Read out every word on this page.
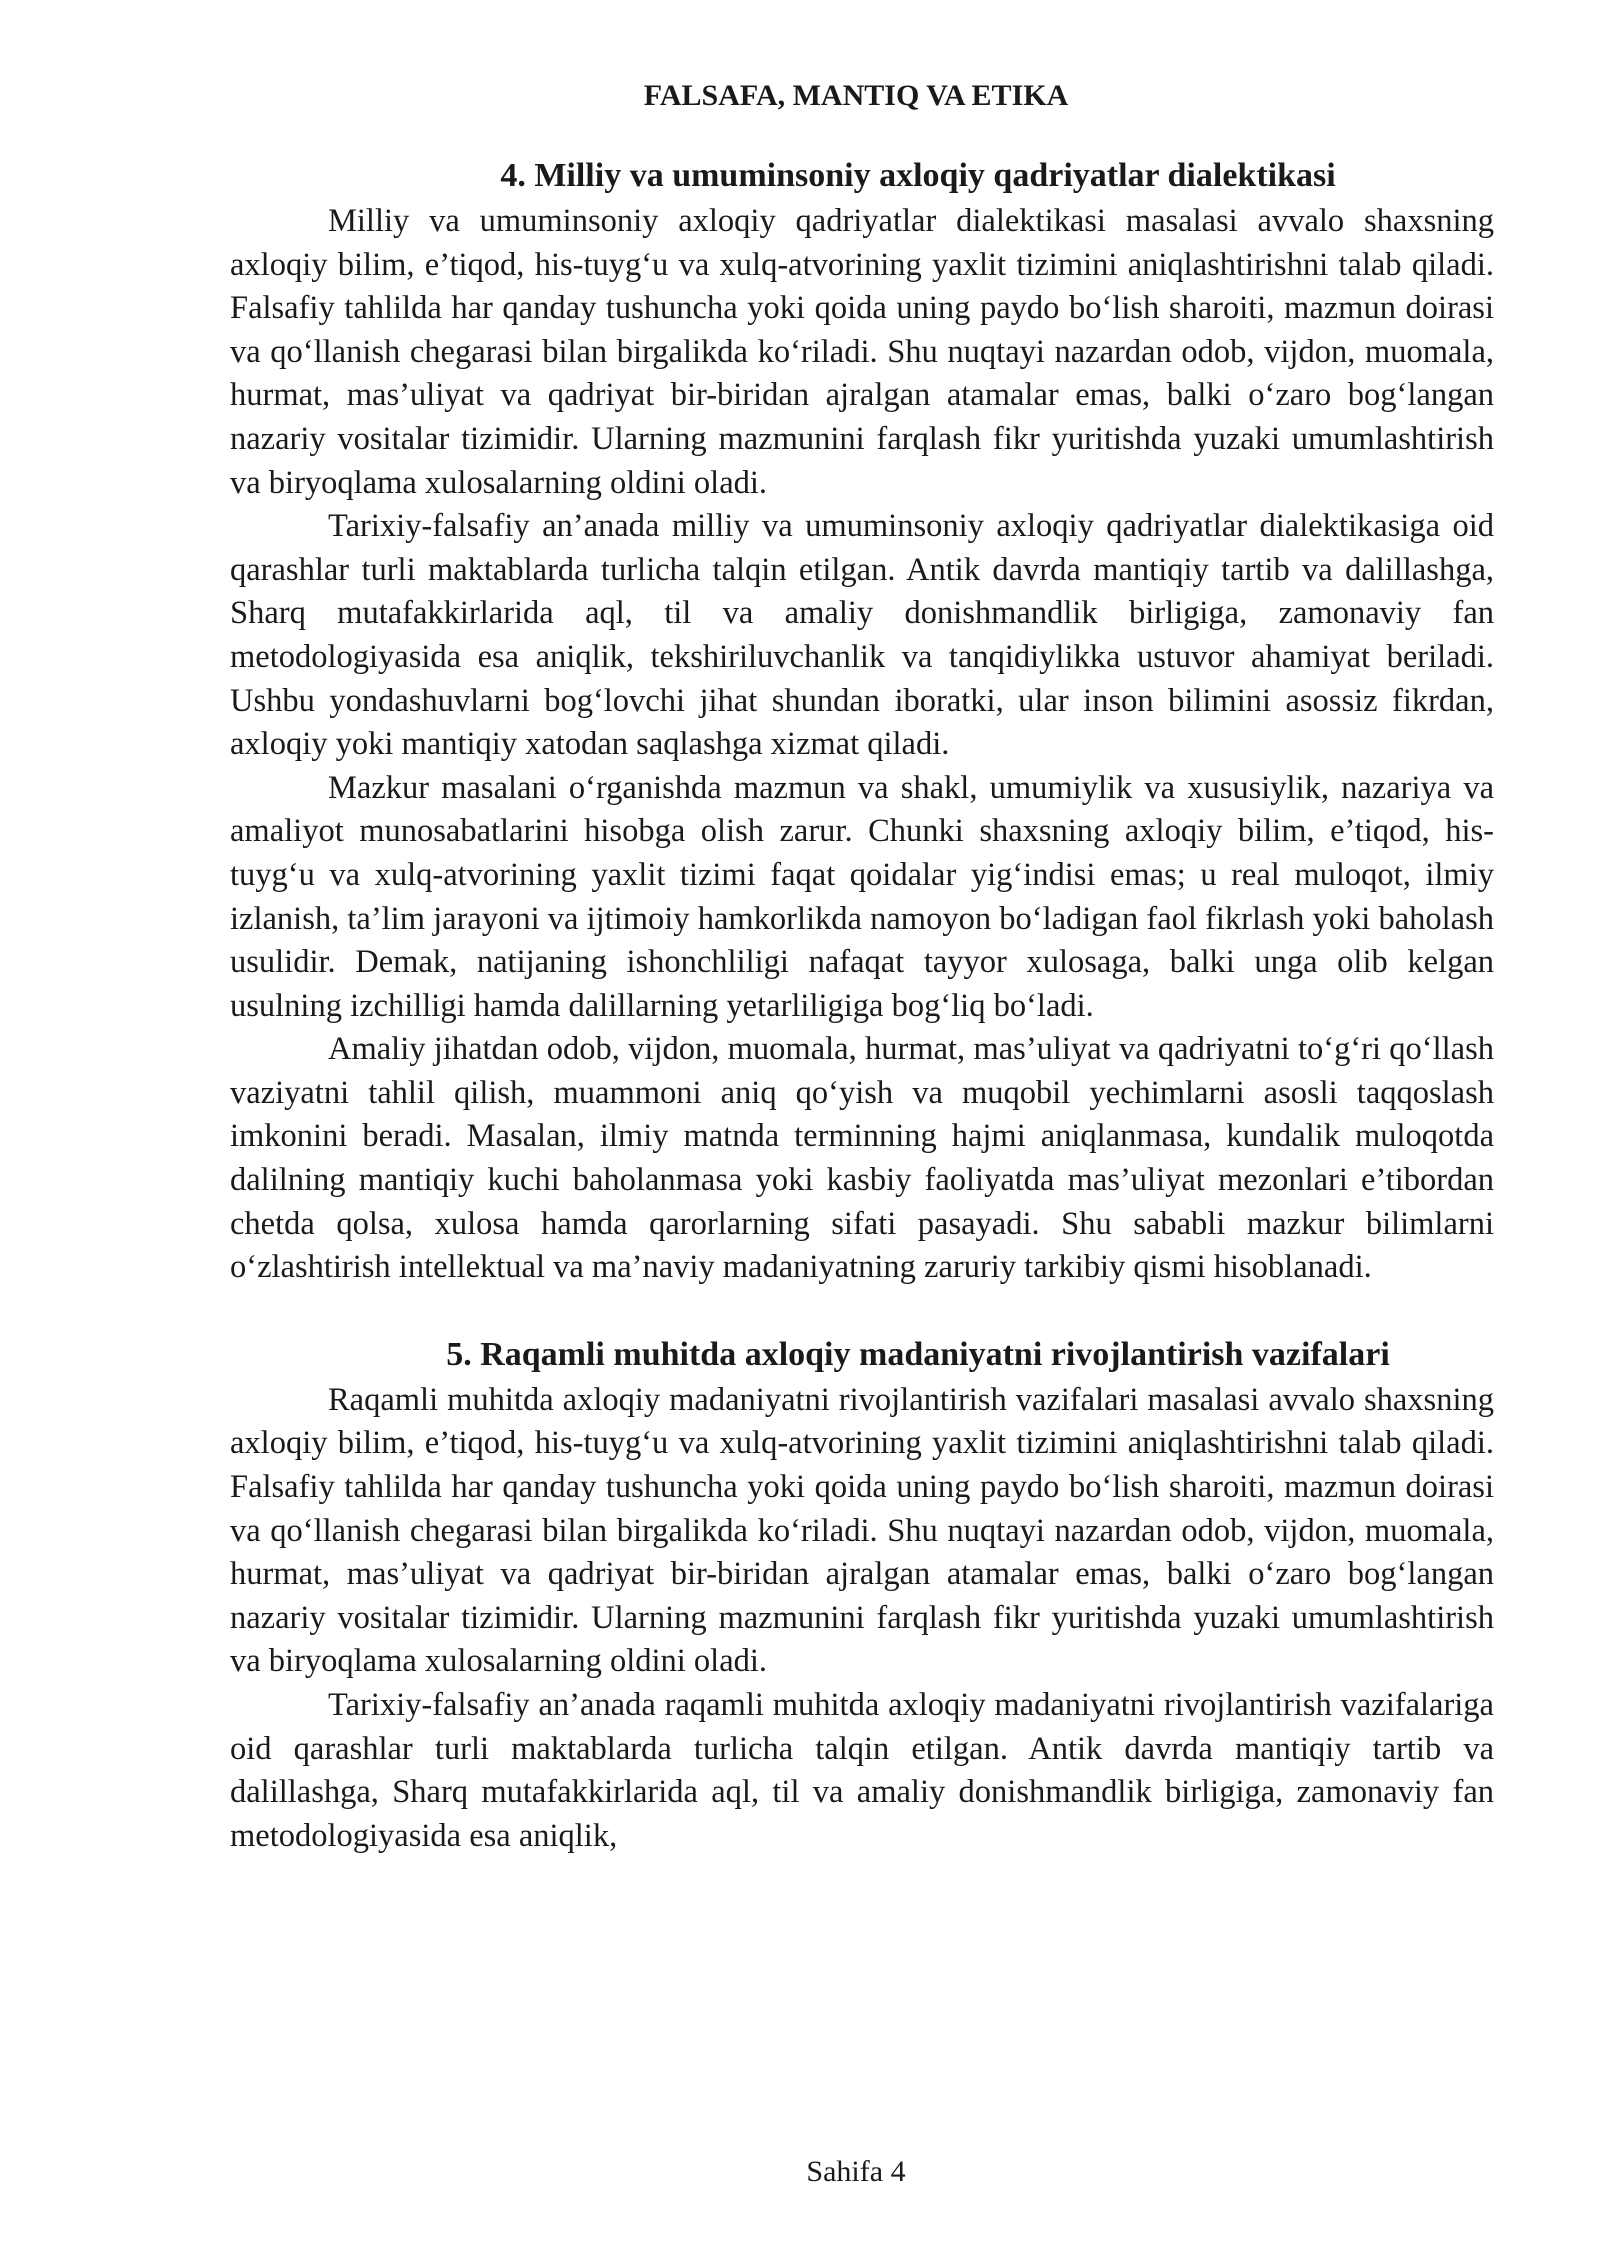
FALSAFA, MANTIQ VA ETIKA
4. Milliy va umuminsoniy axloqiy qadriyatlar dialektikasi

Milliy va umuminsoniy axloqiy qadriyatlar dialektikasi masalasi avvalo shaxsning axloqiy bilim, e’tiqod, his-tuyg‘u va xulq-atvorining yaxlit tizimini aniqlashtirishni talab qiladi. Falsafiy tahlilda har qanday tushuncha yoki qoida uning paydo bo‘lish sharoiti, mazmun doirasi va qo‘llanish chegarasi bilan birgalikda ko‘riladi. Shu nuqtayi nazardan odob, vijdon, muomala, hurmat, mas’uliyat va qadriyat bir-biridan ajralgan atamalar emas, balki o‘zaro bog‘langan nazariy vositalar tizimidir. Ularning mazmunini farqlash fikr yuritishda yuzaki umumlashtirish va biryoqlama xulosalarning oldini oladi.

Tarixiy-falsafiy an’anada milliy va umuminsoniy axloqiy qadriyatlar dialektikasiga oid qarashlar turli maktablarda turlicha talqin etilgan. Antik davrda mantiqiy tartib va dalillashga, Sharq mutafakkirlarida aql, til va amaliy donishmandlik birligiga, zamonaviy fan metodologiyasida esa aniqlik, tekshiriluvchanlik va tanqidiylikka ustuvor ahamiyat beriladi. Ushbu yondashuvlarni bog‘lovchi jihat shundan iboratki, ular inson bilimini asossiz fikrdan, axloqiy yoki mantiqiy xatodan saqlashga xizmat qiladi.

Mazkur masalani o‘rganishda mazmun va shakl, umumiylik va xususiylik, nazariya va amaliyot munosabatlarini hisobga olish zarur. Chunki shaxsning axloqiy bilim, e’tiqod, his-tuyg‘u va xulq-atvorining yaxlit tizimi faqat qoidalar yig‘indisi emas; u real muloqot, ilmiy izlanish, ta’lim jarayoni va ijtimoiy hamkorlikda namoyon bo‘ladigan faol fikrlash yoki baholash usulidir. Demak, natijaning ishonchliligi nafaqat tayyor xulosaga, balki unga olib kelgan usulning izchilligi hamda dalillarning yetarliligiga bog‘liq bo‘ladi.

Amaliy jihatdan odob, vijdon, muomala, hurmat, mas’uliyat va qadriyatni to‘g‘ri qo‘llash vaziyatni tahlil qilish, muammoni aniq qo‘yish va muqobil yechimlarni asosli taqqoslash imkonini beradi. Masalan, ilmiy matnda terminning hajmi aniqlanmasa, kundalik muloqotda dalilning mantiqiy kuchi baholanmasa yoki kasbiy faoliyatda mas’uliyat mezonlari e’tibordan chetda qolsa, xulosa hamda qarorlarning sifati pasayadi. Shu sababli mazkur bilimlarni o‘zlashtirish intellektual va ma’naviy madaniyatning zaruriy tarkibiy qismi hisoblanadi.

5. Raqamli muhitda axloqiy madaniyatni rivojlantirish vazifalari

Raqamli muhitda axloqiy madaniyatni rivojlantirish vazifalari masalasi avvalo shaxsning axloqiy bilim, e’tiqod, his-tuyg‘u va xulq-atvorining yaxlit tizimini aniqlashtirishni talab qiladi. Falsafiy tahlilda har qanday tushuncha yoki qoida uning paydo bo‘lish sharoiti, mazmun doirasi va qo‘llanish chegarasi bilan birgalikda ko‘riladi. Shu nuqtayi nazardan odob, vijdon, muomala, hurmat, mas’uliyat va qadriyat bir-biridan ajralgan atamalar emas, balki o‘zaro bog‘langan nazariy vositalar tizimidir. Ularning mazmunini farqlash fikr yuritishda yuzaki umumlashtirish va biryoqlama xulosalarning oldini oladi.

Tarixiy-falsafiy an’anada raqamli muhitda axloqiy madaniyatni rivojlantirish vazifalariga oid qarashlar turli maktablarda turlicha talqin etilgan. Antik davrda mantiqiy tartib va dalillashga, Sharq mutafakkirlarida aql, til va amaliy donishmandlik birligiga, zamonaviy fan metodologiyasida esa aniqlik,

Sahifa 4
